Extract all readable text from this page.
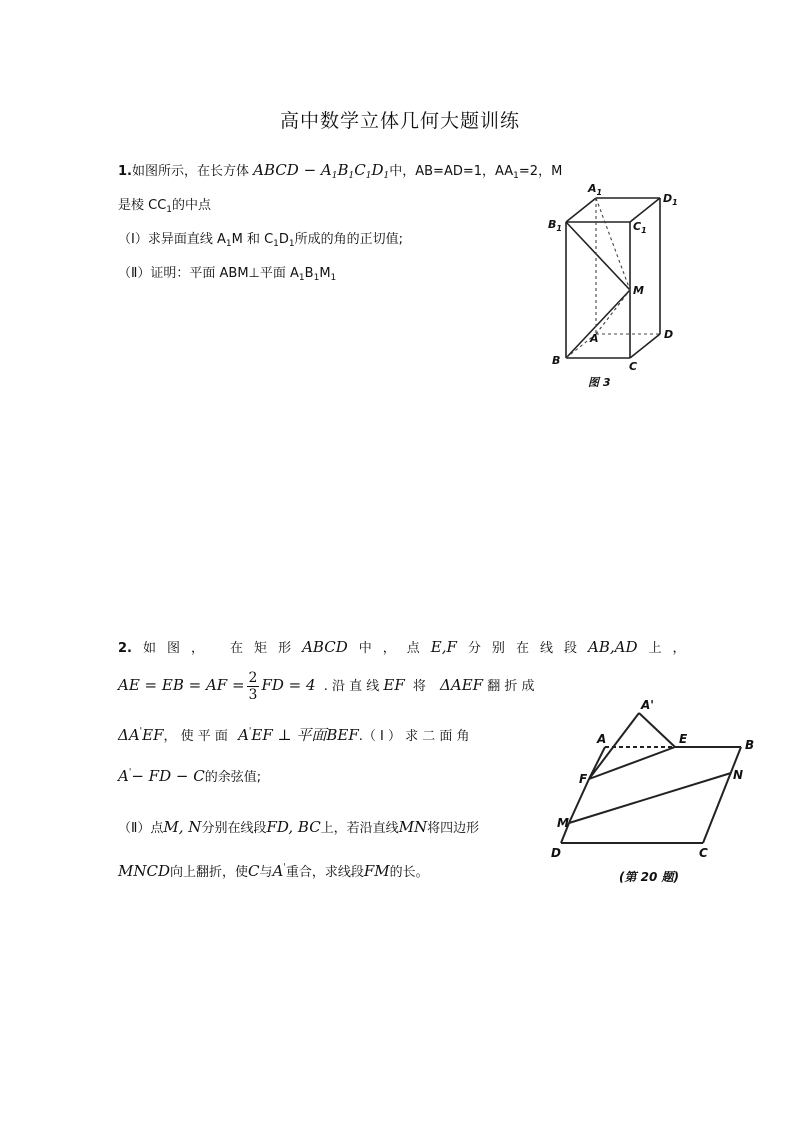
高中数学立体几何大题训练
1.如图所示，在长方体 ABCD − $A_1B_1C_1D_1$中，AB=AD=1，$AA_1=2$，M
是棱 $CC_1$的中点
（Ⅰ）求异面直线 $A_1M$ 和 $C_1D_1$所成的角的正切值;
（Ⅱ）证明：平面 ABM⊥平面 $A_1B_1M_1$
$A_1$	$D_1$
$B_1$	$C_1$
M
A	D
B	C
图 3
2. 如 图 ， 在 矩 形 ABCD 中 ， 点 E,F 分 别 在 线 段 AB,AD 上 ，
AE = EB = AF = $\frac{2}{3}$ FD = 4 . 沿 直 线 EF 将 ΔAEF 翻 折 成
ΔA'EF， 使 平 面 A'EF ⊥ 平面BEF.（ Ⅰ ） 求 二 面 角
A'− FD − C的余弦值;
（Ⅱ）点M, N分别在线段FD, BC上，若沿直线MN将四边形
MNCD向上翻折，使C与A'重合，求线段FM的长。
A'
A	E	B
F	N
M
D	C
(第 20 题)
